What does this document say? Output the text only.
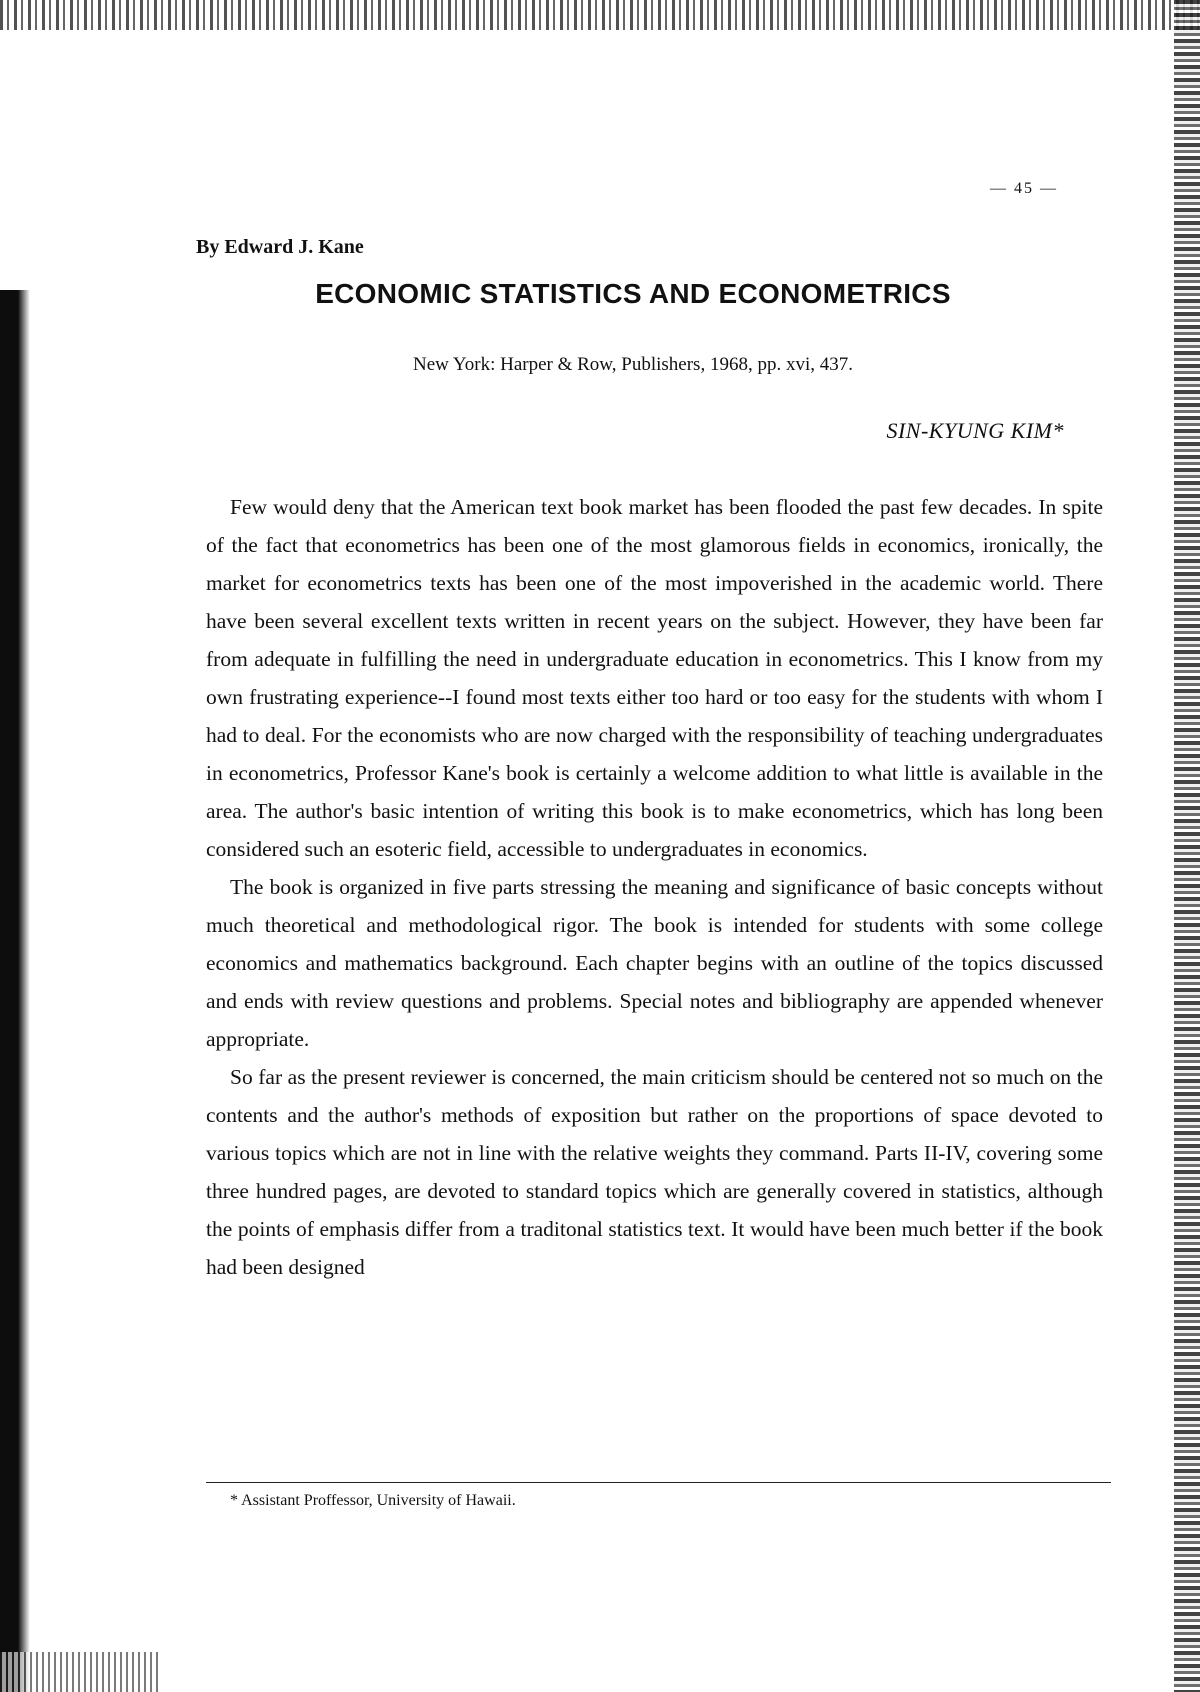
— 45 —
By Edward J. Kane
ECONOMIC STATISTICS AND ECONOMETRICS
New York: Harper & Row, Publishers, 1968, pp. xvi, 437.
SIN-KYUNG KIM*

Few would deny that the American text book market has been flooded the past few decades. In spite of the fact that econometrics has been one of the most glamorous fields in economics, ironically, the market for econometrics texts has been one of the most impoverished in the academic world. There have been several excellent texts written in recent years on the subject. However, they have been far from adequate in fulfilling the need in undergraduate education in econometrics. This I know from my own frustrating experience--I found most texts either too hard or too easy for the students with whom I had to deal. For the economists who are now charged with the responsibility of teaching undergraduates in econometrics, Professor Kane's book is certainly a welcome addition to what little is available in the area. The author's basic intention of writing this book is to make econometrics, which has long been considered such an esoteric field, accessible to undergraduates in economics.

The book is organized in five parts stressing the meaning and significance of basic concepts without much theoretical and methodological rigor. The book is intended for students with some college economics and mathematics background. Each chapter begins with an outline of the topics discussed and ends with review questions and problems. Special notes and bibliography are appended whenever appropriate.

So far as the present reviewer is concerned, the main criticism should be centered not so much on the contents and the author's methods of exposition but rather on the proportions of space devoted to various topics which are not in line with the relative weights they command. Parts II-IV, covering some three hundred pages, are devoted to standard topics which are generally covered in statistics, although the points of emphasis differ from a traditonal statistics text. It would have been much better if the book had been designed

* Assistant Proffessor, University of Hawaii.
